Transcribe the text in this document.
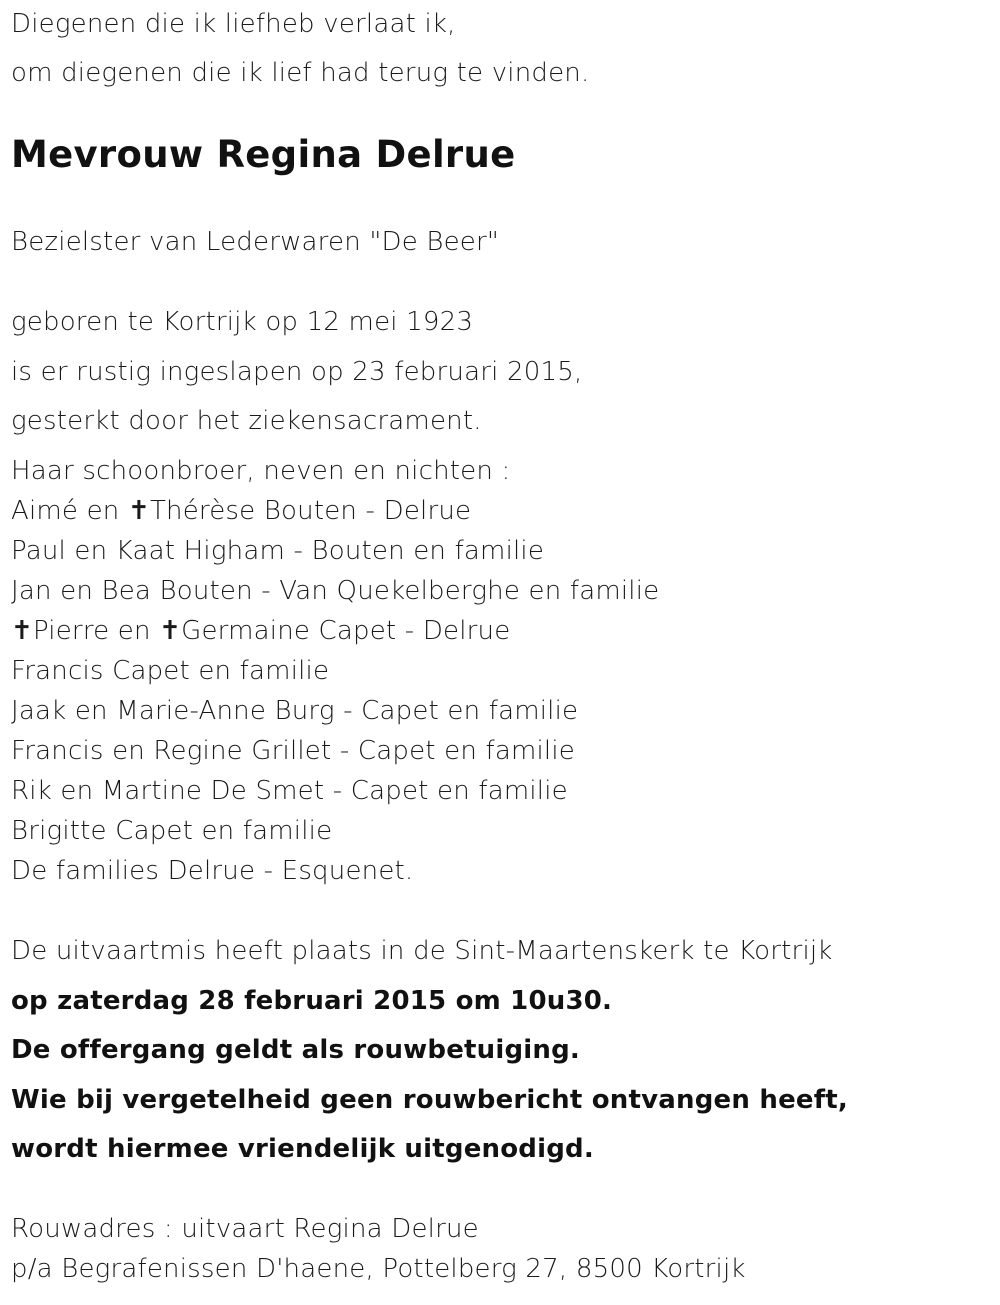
Diegenen die ik liefheb verlaat ik,
om diegenen die ik lief had terug te vinden.
Mevrouw Regina Delrue
Bezielster van Lederwaren "De Beer"
geboren te Kortrijk op 12 mei 1923
is er rustig ingeslapen op 23 februari 2015,
gesterkt door het ziekensacrament.
Haar schoonbroer, neven en nichten :
Aimé en ✝Thérèse Bouten - Delrue
Paul en Kaat Higham - Bouten en familie
Jan en Bea Bouten - Van Quekelberghe en familie
✝Pierre en ✝Germaine Capet - Delrue
Francis Capet en familie
Jaak en Marie-Anne Burg - Capet en familie
Francis en Regine Grillet - Capet en familie
Rik en Martine De Smet - Capet en familie
Brigitte Capet en familie
De families Delrue - Esquenet.
De uitvaartmis heeft plaats in de Sint-Maartenskerk te Kortrijk
op zaterdag 28 februari 2015 om 10u30.
De offergang geldt als rouwbetuiging.
Wie bij vergetelheid geen rouwbericht ontvangen heeft,
wordt hiermee vriendelijk uitgenodigd.
Rouwadres : uitvaart Regina Delrue
p/a Begrafenissen D'haene, Pottelberg 27, 8500 Kortrijk
